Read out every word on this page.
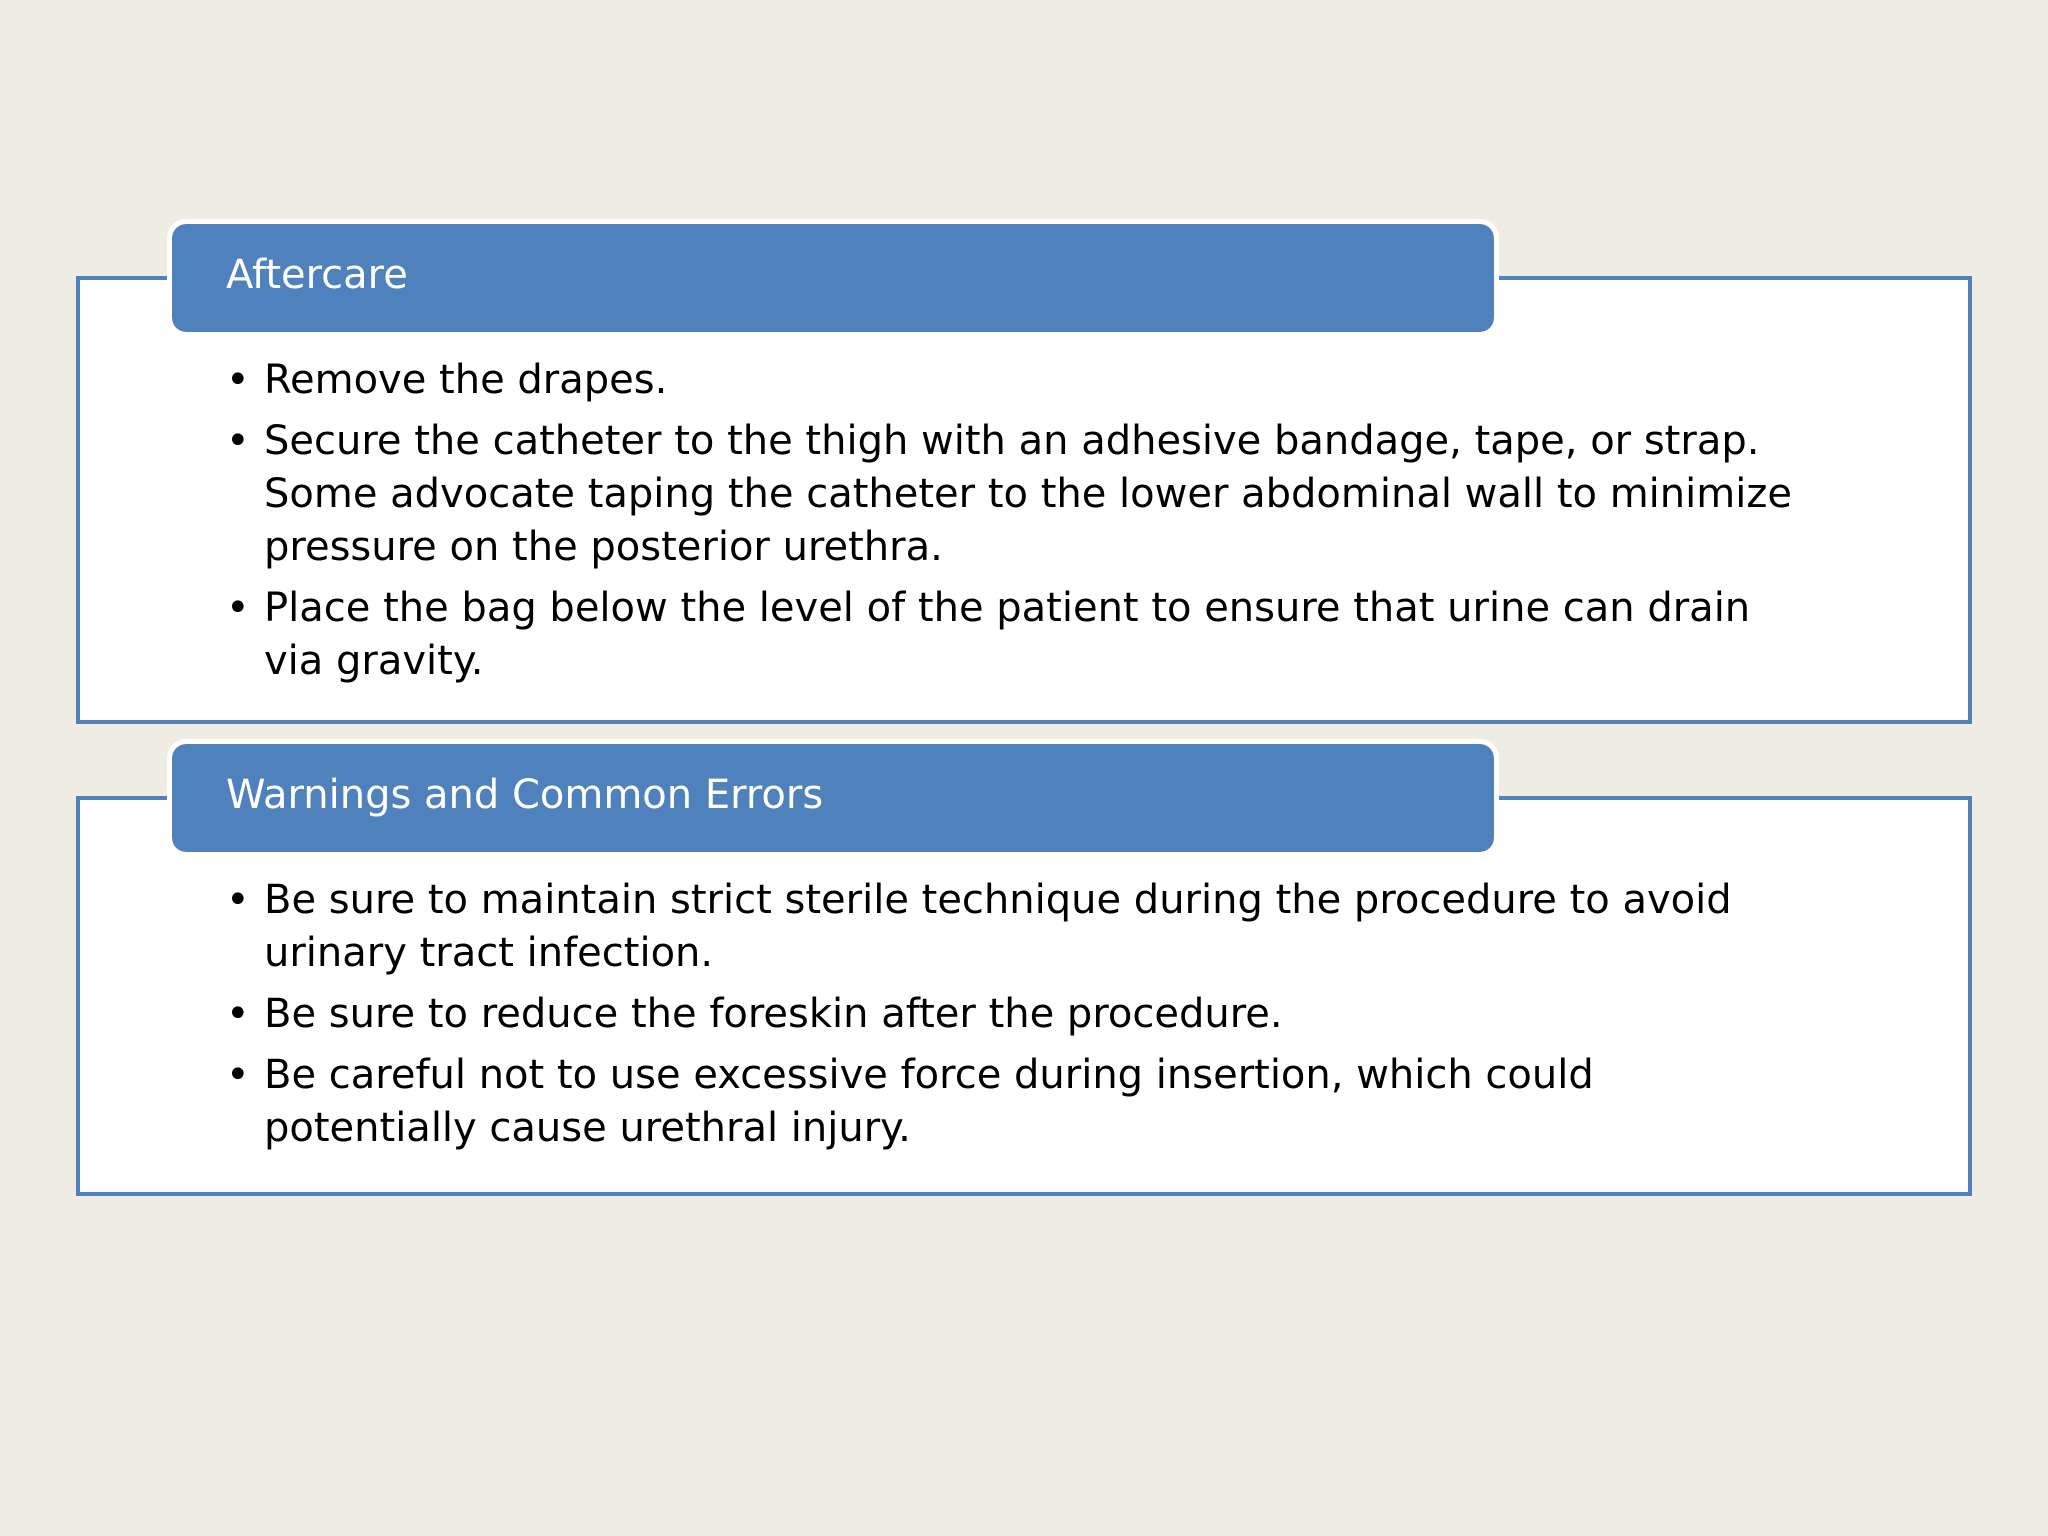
Aftercare
• Remove the drapes.
• Secure the catheter to the thigh with an adhesive bandage, tape, or strap. Some advocate taping the catheter to the lower abdominal wall to minimize pressure on the posterior urethra.
• Place the bag below the level of the patient to ensure that urine can drain via gravity.
Warnings and Common Errors
• Be sure to maintain strict sterile technique during the procedure to avoid urinary tract infection.
• Be sure to reduce the foreskin after the procedure.
• Be careful not to use excessive force during insertion, which could potentially cause urethral injury.
